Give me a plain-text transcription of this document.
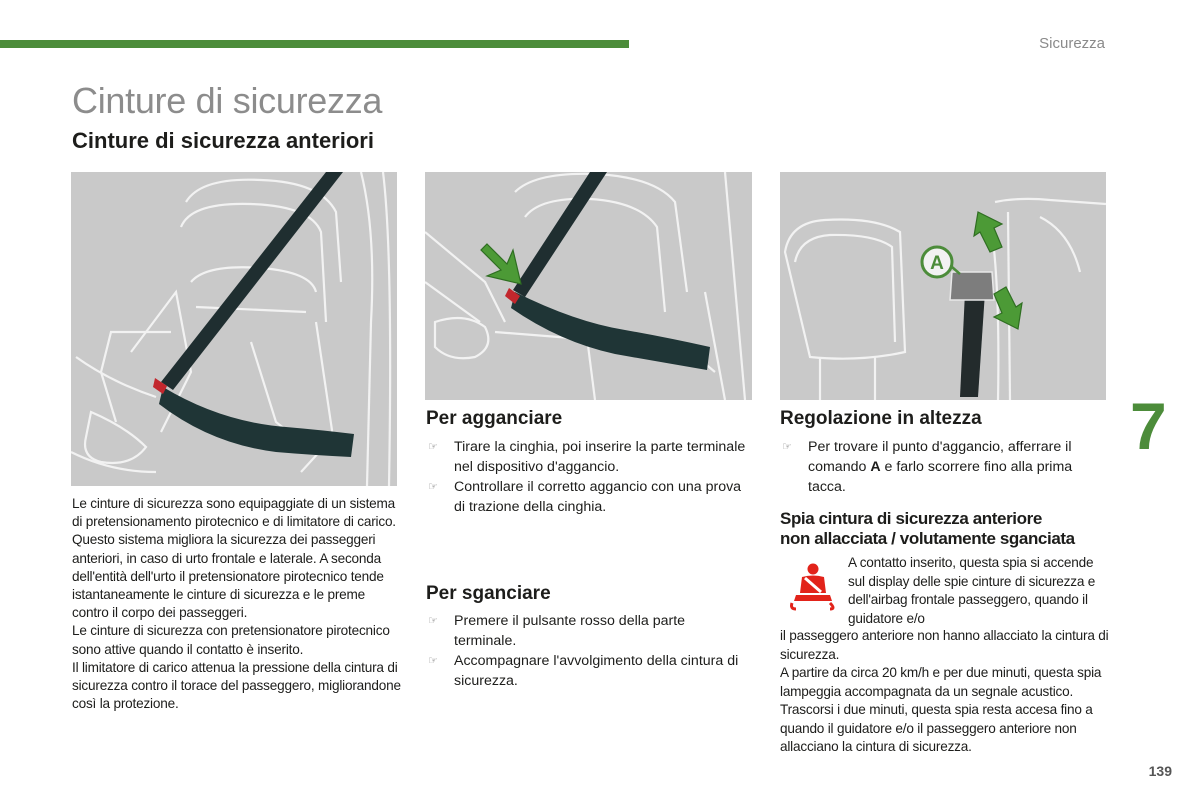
Sicurezza
Cinture di sicurezza
Cinture di sicurezza anteriori
A

Le cinture di sicurezza sono equipaggiate di un sistema di pretensionamento pirotecnico e di limitatore di carico.

Questo sistema migliora la sicurezza dei passeggeri anteriori, in caso di urto frontale e laterale. A seconda dell'entità dell'urto il pretensionatore pirotecnico tende istantaneamente le cinture di sicurezza e le preme contro il corpo dei passeggeri.

Le cinture di sicurezza con pretensionatore pirotecnico sono attive quando il contatto è inserito.

Il limitatore di carico attenua la pressione della cintura di sicurezza contro il torace del passeggero, migliorandone così la protezione.

Per agganciare
☞ Tirare la cinghia, poi inserire la parte terminale nel dispositivo d'aggancio.
☞ Controllare il corretto aggancio con una prova di trazione della cinghia.
Per sganciare
☞ Premere il pulsante rosso della parte terminale.
☞ Accompagnare l'avvolgimento della cintura di sicurezza.
Regolazione in altezza
☞ Per trovare il punto d'aggancio, afferrare il comando A e farlo scorrere fino alla prima tacca.
Spia cintura di sicurezza anteriore
non allacciata / volutamente sganciata
A contatto inserito, questa spia si accende sul display delle spie cinture di sicurezza e dell'airbag frontale passeggero, quando il guidatore e/o

il passeggero anteriore non hanno allacciato la cintura di sicurezza.

A partire da circa 20 km/h e per due minuti, questa spia lampeggia accompagnata da un segnale acustico. Trascorsi i due minuti, questa spia resta accesa fino a quando il guidatore e/o il passeggero anteriore non allacciano la cintura di sicurezza.

7
139
